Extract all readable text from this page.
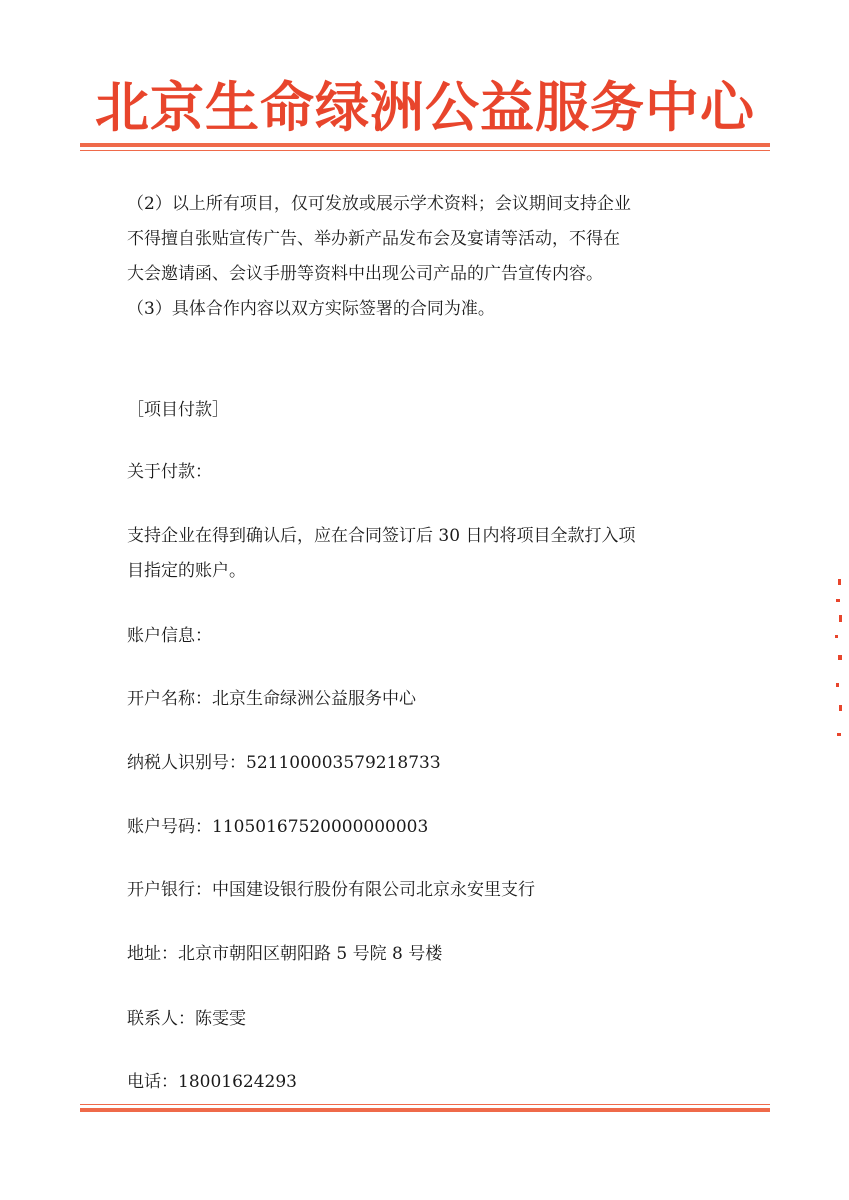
北京生命绿洲公益服务中心

（2）以上所有项目，仅可发放或展示学术资料；会议期间支持企业

不得擅自张贴宣传广告、举办新产品发布会及宴请等活动，不得在

大会邀请函、会议手册等资料中出现公司产品的广告宣传内容。

（3）具体合作内容以双方实际签署的合同为准。

［项目付款］
关于付款：

支持企业在得到确认后，应在合同签订后 30 日内将项目全款打入项

目指定的账户。

账户信息：
开户名称：北京生命绿洲公益服务中心
纳税人识别号：52110000357921873З
账户号码：11050167520000000003
开户银行：中国建设银行股份有限公司北京永安里支行
地址：北京市朝阳区朝阳路 5 号院 8 号楼
联系人：陈雯雯
电话：18001624293
